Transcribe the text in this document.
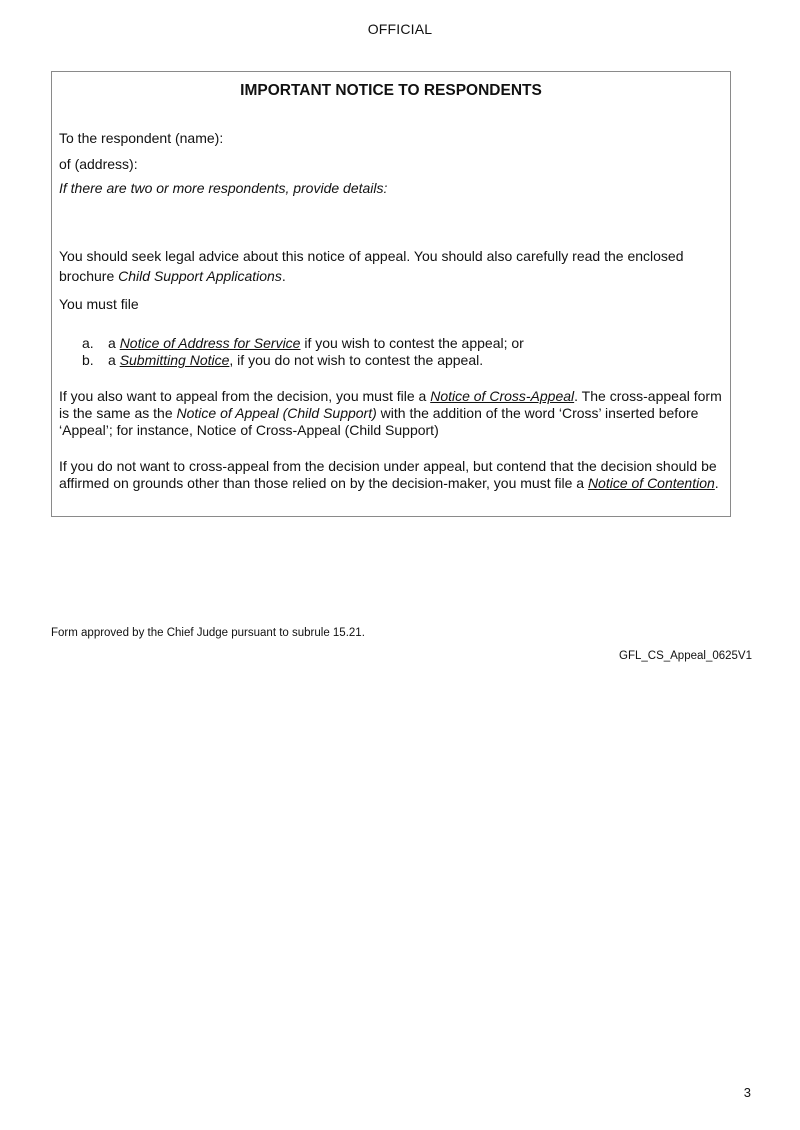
OFFICIAL
IMPORTANT NOTICE TO RESPONDENTS
To the respondent (name):
of (address):
If there are two or more respondents, provide details:
You should seek legal advice about this notice of appeal. You should also carefully read the enclosed brochure Child Support Applications.
You must file
a. a Notice of Address for Service if you wish to contest the appeal; or
b. a Submitting Notice, if you do not wish to contest the appeal.
If you also want to appeal from the decision, you must file a Notice of Cross-Appeal. The cross-appeal form is the same as the Notice of Appeal (Child Support) with the addition of the word ‘Cross’ inserted before ‘Appeal’; for instance, Notice of Cross-Appeal (Child Support)
If you do not want to cross-appeal from the decision under appeal, but contend that the decision should be affirmed on grounds other than those relied on by the decision-maker, you must file a Notice of Contention.
Form approved by the Chief Judge pursuant to subrule 15.21.
GFL_CS_Appeal_0625V1
3
